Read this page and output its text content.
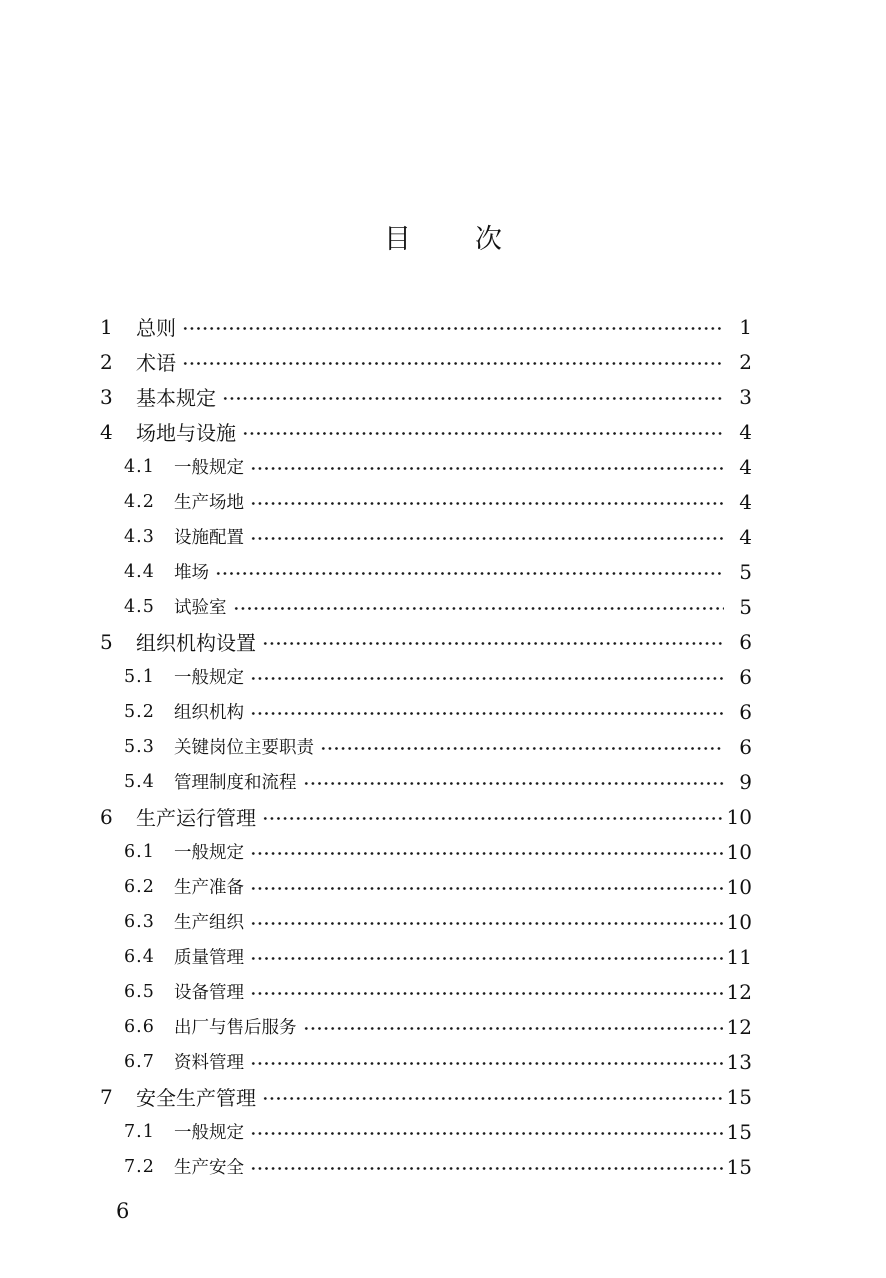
目次
1	总则	1
2	术语	2
3	基本规定	3
4	场地与设施	4
4.1	一般规定	4
4.2	生产场地	4
4.3	设施配置	4
4.4	堆场	5
4.5	试验室	5
5	组织机构设置	6
5.1	一般规定	6
5.2	组织机构	6
5.3	关键岗位主要职责	6
5.4	管理制度和流程	9
6	生产运行管理	10
6.1	一般规定	10
6.2	生产准备	10
6.3	生产组织	10
6.4	质量管理	11
6.5	设备管理	12
6.6	出厂与售后服务	12
6.7	资料管理	13
7	安全生产管理	15
7.1	一般规定	15
7.2	生产安全	15
6
